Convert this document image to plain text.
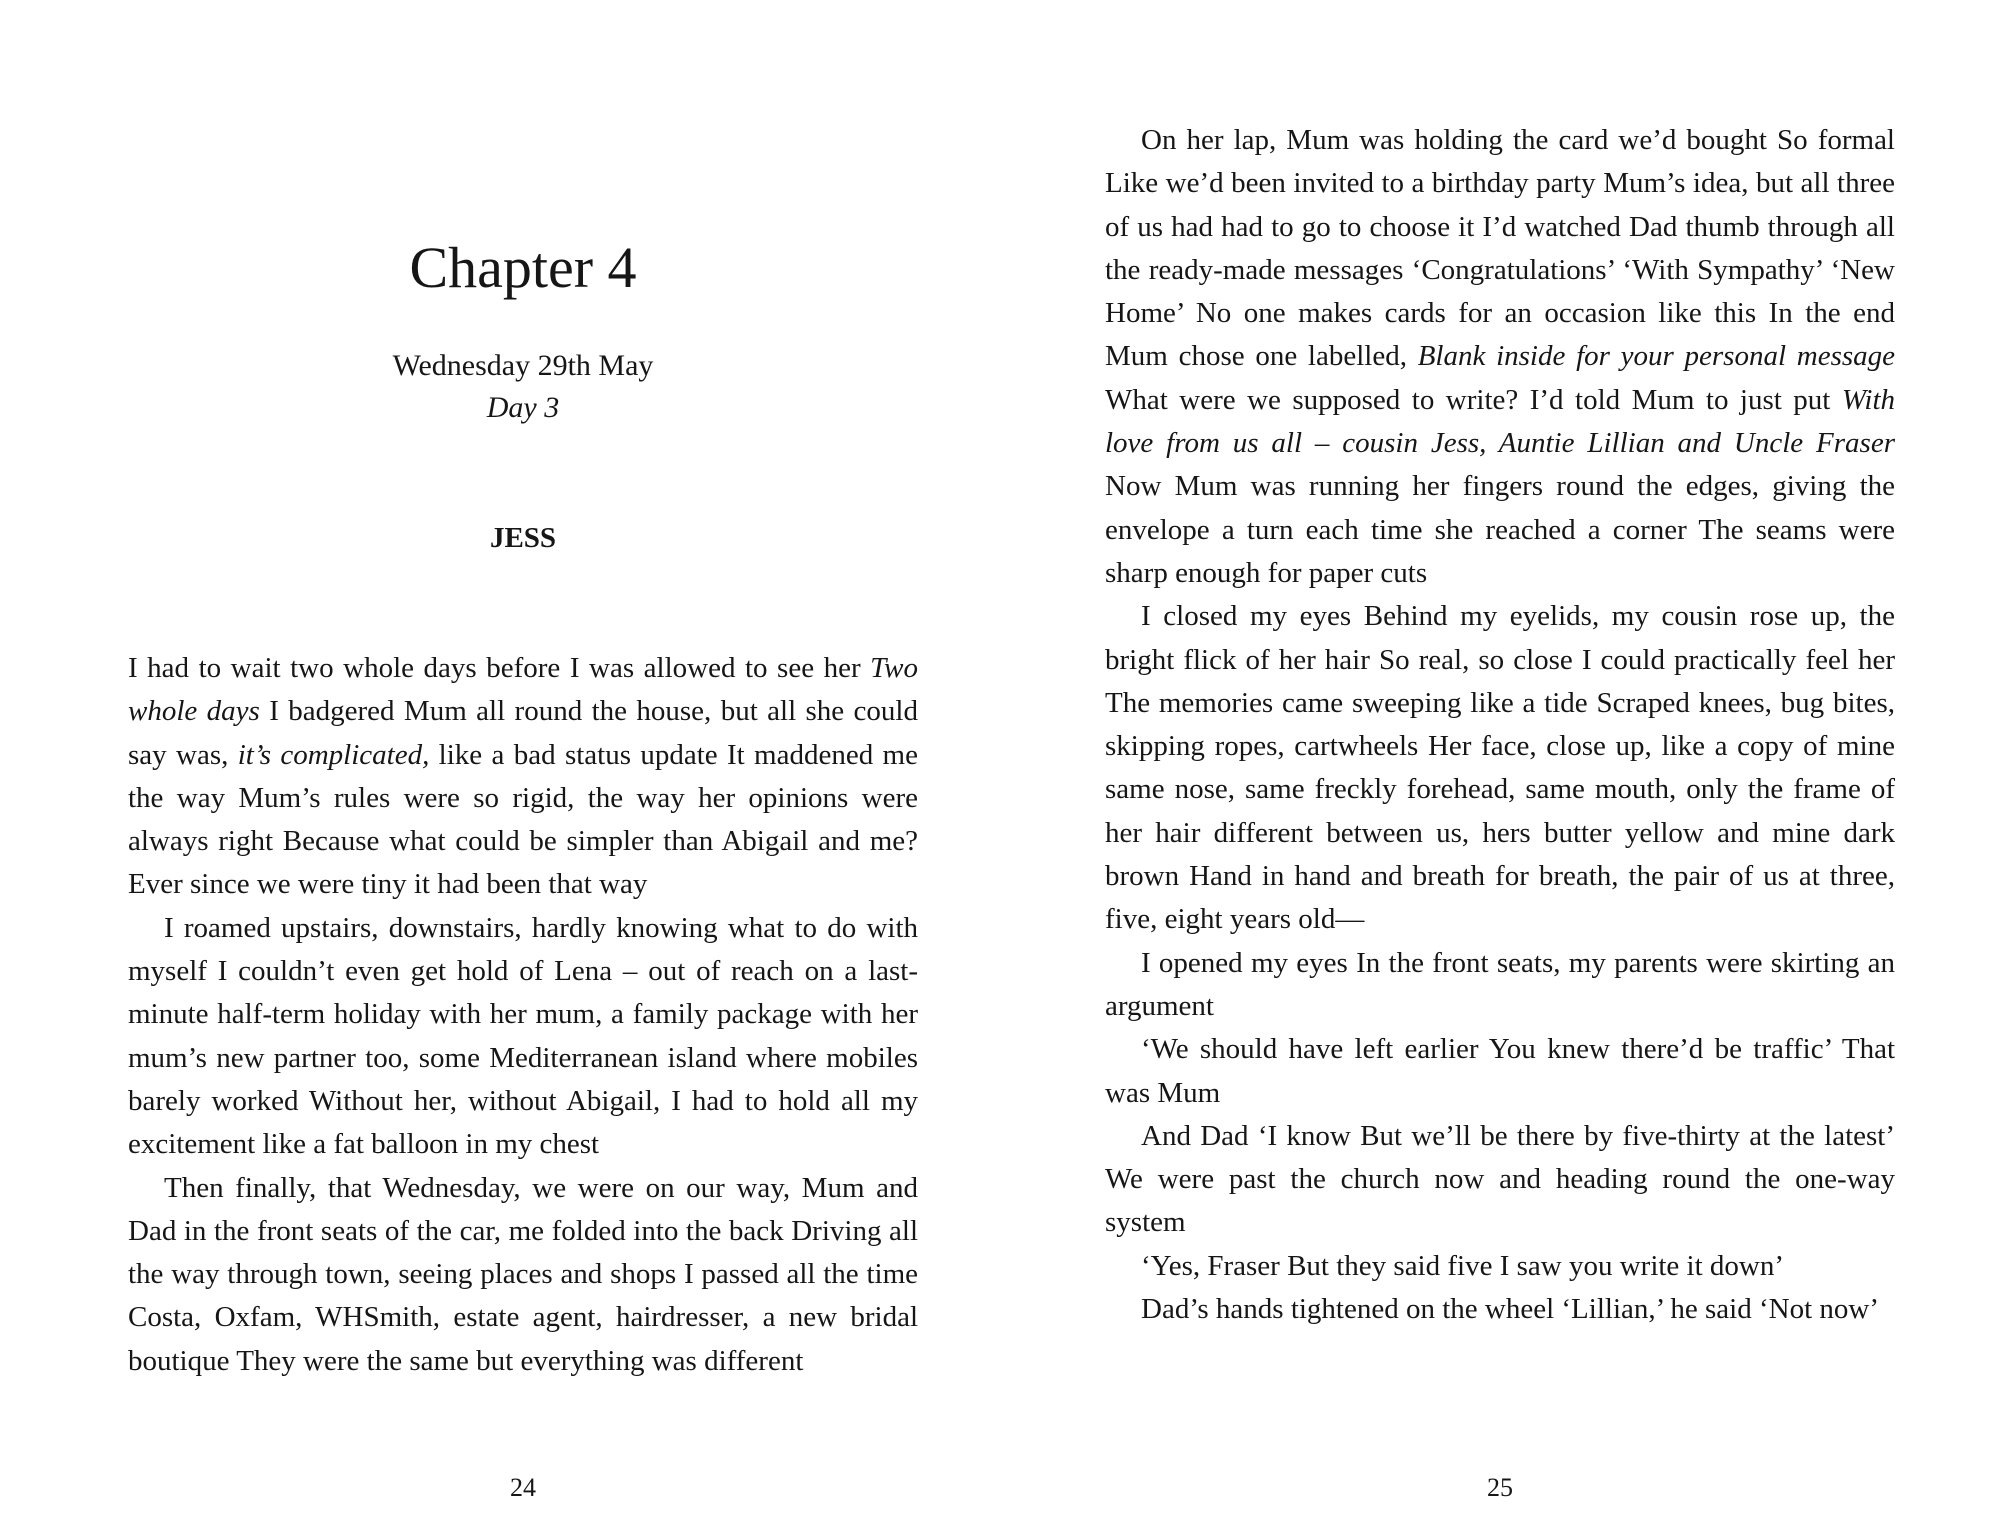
Chapter 4
Wednesday 29th May
Day 3
JESS

I had to wait two whole days before I was allowed to see her Two whole days I badgered Mum all round the house, but all she could say was, it’s complicated, like a bad status update It maddened me the way Mum’s rules were so rigid, the way her opinions were always right Because what could be simpler than Abigail and me? Ever since we were tiny it had been that way

I roamed upstairs, downstairs, hardly knowing what to do with myself I couldn’t even get hold of Lena – out of reach on a last-minute half-term holiday with her mum, a family package with her mum’s new partner too, some Mediterranean island where mobiles barely worked Without her, without Abigail, I had to hold all my excitement like a fat balloon in my chest

Then finally, that Wednesday, we were on our way, Mum and Dad in the front seats of the car, me folded into the back Driving all the way through town, seeing places and shops I passed all the time Costa, Oxfam, WHSmith, estate agent, hairdresser, a new bridal boutique They were the same but everything was different

24

On her lap, Mum was holding the card we’d bought So formal Like we’d been invited to a birthday party Mum’s idea, but all three of us had had to go to choose it I’d watched Dad thumb through all the ready-made messages ‘Congratulations’ ‘With Sympathy’ ‘New Home’ No one makes cards for an occasion like this In the end Mum chose one labelled, Blank inside for your personal message What were we supposed to write? I’d told Mum to just put With love from us all – cousin Jess, Auntie Lillian and Uncle Fraser Now Mum was running her fingers round the edges, giving the envelope a turn each time she reached a corner The seams were sharp enough for paper cuts

I closed my eyes Behind my eyelids, my cousin rose up, the bright flick of her hair So real, so close I could practically feel her The memories came sweeping like a tide Scraped knees, bug bites, skipping ropes, cartwheels Her face, close up, like a copy of mine same nose, same freckly forehead, same mouth, only the frame of her hair different between us, hers butter yellow and mine dark brown Hand in hand and breath for breath, the pair of us at three, five, eight years old—

I opened my eyes In the front seats, my parents were skirting an argument

‘We should have left earlier You knew there’d be traffic’ That was Mum

And Dad ‘I know But we’ll be there by five-thirty at the latest’ We were past the church now and heading round the one-way system

‘Yes, Fraser But they said five I saw you write it down’

Dad’s hands tightened on the wheel ‘Lillian,’ he said ‘Not now’

25
